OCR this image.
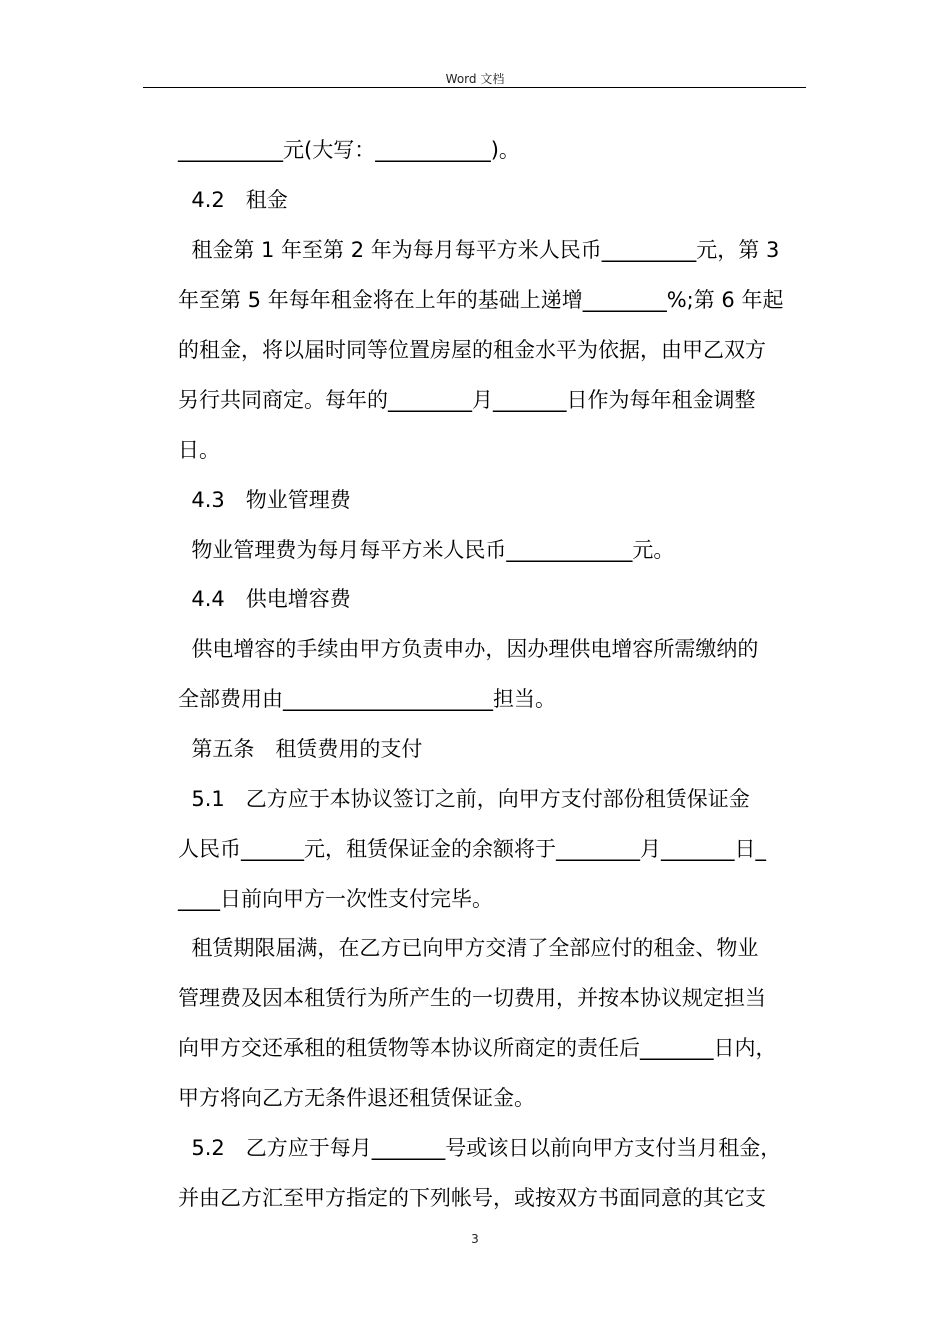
Word 文档
__________元(大写：___________)。
4.2　租金
租金第 1 年至第 2 年为每月每平方米人民币_________元，第 3
年至第 5 年每年租金将在上年的基础上递增________%;第 6 年起
的租金，将以届时同等位置房屋的租金水平为依据，由甲乙双方
另行共同商定。每年的________月_______日作为每年租金调整
日。
4.3　物业管理费
物业管理费为每月每平方米人民币____________元。
4.4　供电增容费
供电增容的手续由甲方负责申办，因办理供电增容所需缴纳的
全部费用由____________________担当。
第五条　租赁费用的支付
5.1　乙方应于本协议签订之前，向甲方支付部份租赁保证金
人民币______元，租赁保证金的余额将于________月_______日_
____日前向甲方一次性支付完毕。
租赁期限届满，在乙方已向甲方交清了全部应付的租金、物业
管理费及因本租赁行为所产生的一切费用，并按本协议规定担当
向甲方交还承租的租赁物等本协议所商定的责任后_______日内，
甲方将向乙方无条件退还租赁保证金。
5.2　乙方应于每月_______号或该日以前向甲方支付当月租金，
并由乙方汇至甲方指定的下列帐号，或按双方书面同意的其它支
3
